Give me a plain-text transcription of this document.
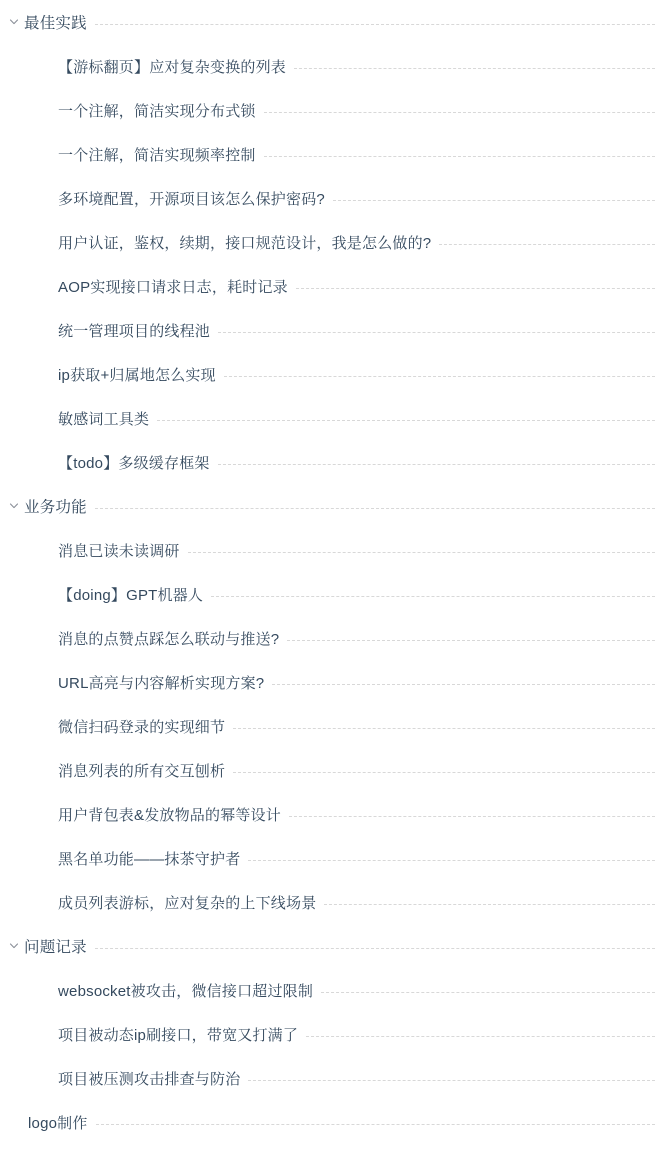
最佳实践
【游标翻页】应对复杂变换的列表
一个注解，简洁实现分布式锁
一个注解，简洁实现频率控制
多环境配置，开源项目该怎么保护密码?
用户认证，鉴权，续期，接口规范设计，我是怎么做的?
AOP实现接口请求日志，耗时记录
统一管理项目的线程池
ip获取+归属地怎么实现
敏感词工具类
【todo】多级缓存框架
业务功能
消息已读未读调研
【doing】GPT机器人
消息的点赞点踩怎么联动与推送?
URL高亮与内容解析实现方案?
微信扫码登录的实现细节
消息列表的所有交互刨析
用户背包表&发放物品的幂等设计
黑名单功能——抹茶守护者
成员列表游标，应对复杂的上下线场景
问题记录
websocket被攻击，微信接口超过限制
项目被动态ip刷接口，带宽又打满了
项目被压测攻击排查与防治
logo制作
